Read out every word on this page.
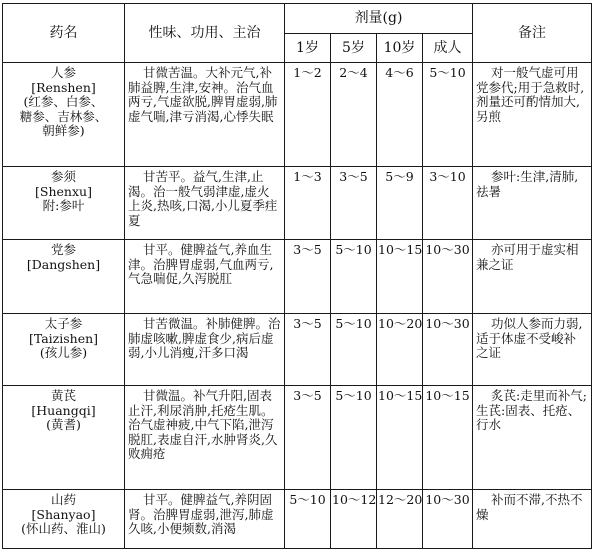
药名	性味、功用、主治	剂量(g)				备注
		1岁	5岁	10岁	成人	

人参
[Renshen]
(红参、白参、
糖参、吉林参、
朝鲜参)	甘微苦温。大补元气,补肺益脾,生津,安神。治气血两亏,气虚欲脱,脾胃虚弱,肺虚气喘,津亏消渴,心悸失眠	1～2	2～4	4～6	5～10	对一般气虚可用党参代;用于急救时,剂量还可酌情加大,另煎

参须
[Shenxu]
附:参叶	甘苦平。益气,生津,止渴。治一般气弱津虚,虚火上炎,热咳,口渴,小儿夏季疰夏	1～3	3～5	5～9	3～10	参叶:生津,清肺,祛暑

党参
[Dangshen]	甘平。健脾益气,养血生津。治脾胃虚弱,气血两亏,气急喘促,久泻脱肛	3～5	5～10	10～15	10～30	亦可用于虚实相兼之证

太子参
[Taizishen]
(孩儿参)	甘苦微温。补肺健脾。治肺虚咳嗽,脾虚食少,病后虚弱,小儿消瘦,汗多口渴	3～5	5～10	10～20	10～30	功似人参而力弱,适于体虚不受峻补之证

黄芪
[Huangqi]
(黄耆)	甘微温。补气升阳,固表止汗,利尿消肿,托疮生肌。治气虚神疲,中气下陷,泄泻脱肛,表虚自汗,水肿肾炎,久败痈疮	3～5	5～10	10～15	10～15	炙芪:走里而补气;生芪:固表、托疮、行水

山药
[Shanyao]
(怀山药、淮山)	甘平。健脾益气,养阴固肾。治脾胃虚弱,泄泻,肺虚久咳,小便频数,消渴	5～10	10～12	12～20	10～30	补而不滞,不热不燥
